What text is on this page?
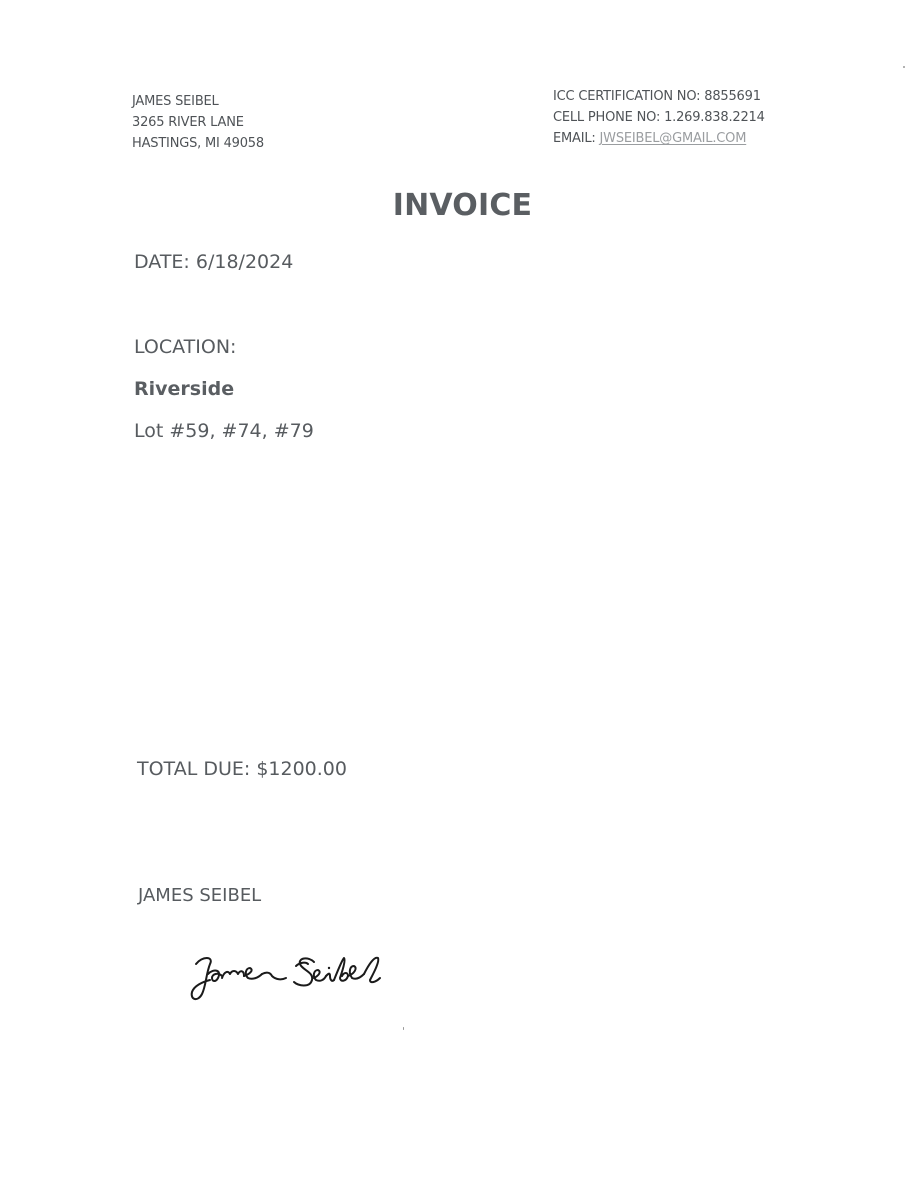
JAMES SEIBEL
3265 RIVER LANE
HASTINGS, MI 49058
ICC CERTIFICATION NO: 8855691
CELL PHONE NO: 1.269.838.2214
EMAIL: JWSEIBEL@GMAIL.COM
INVOICE
DATE: 6/18/2024
LOCATION:
Riverside
Lot #59, #74, #79
TOTAL DUE: $1200.00
JAMES SEIBEL
